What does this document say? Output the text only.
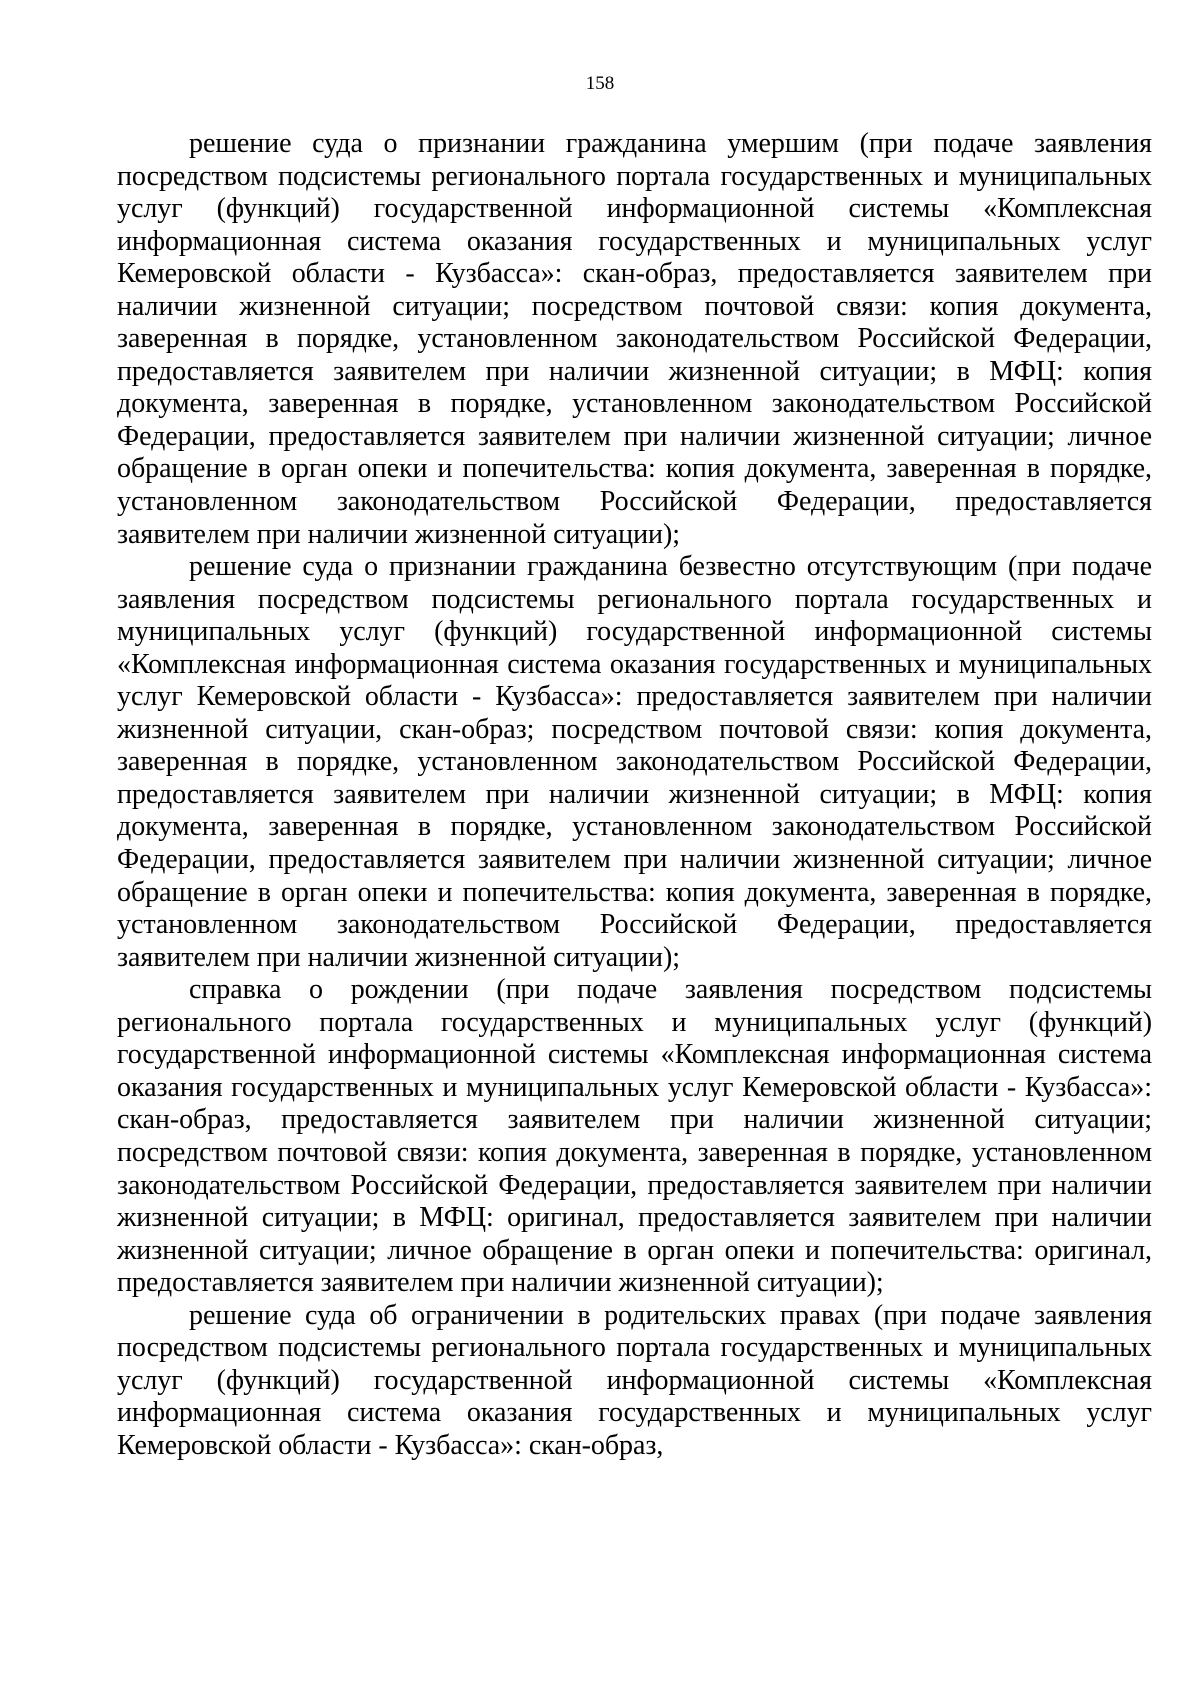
158

решение суда о признании гражданина умершим (при подаче заявления посредством подсистемы регионального портала государственных и муниципальных услуг (функций) государственной информационной системы «Комплексная информационная система оказания государственных и муниципальных услуг Кемеровской области - Кузбасса»: скан-образ, предоставляется заявителем при наличии жизненной ситуации; посредством почтовой связи: копия документа, заверенная в порядке, установленном законодательством Российской Федерации, предоставляется заявителем при наличии жизненной ситуации; в МФЦ: копия документа, заверенная в порядке, установленном законодательством Российской Федерации, предоставляется заявителем при наличии жизненной ситуации; личное обращение в орган опеки и попечительства: копия документа, заверенная в порядке, установленном законодательством Российской Федерации, предоставляется заявителем при наличии жизненной ситуации);

решение суда о признании гражданина безвестно отсутствующим (при подаче заявления посредством подсистемы регионального портала государственных и муниципальных услуг (функций) государственной информационной системы «Комплексная информационная система оказания государственных и муниципальных услуг Кемеровской области - Кузбасса»: предоставляется заявителем при наличии жизненной ситуации, скан-образ; посредством почтовой связи: копия документа, заверенная в порядке, установленном законодательством Российской Федерации, предоставляется заявителем при наличии жизненной ситуации; в МФЦ: копия документа, заверенная в порядке, установленном законодательством Российской Федерации, предоставляется заявителем при наличии жизненной ситуации; личное обращение в орган опеки и попечительства: копия документа, заверенная в порядке, установленном законодательством Российской Федерации, предоставляется заявителем при наличии жизненной ситуации);

справка о рождении (при подаче заявления посредством подсистемы регионального портала государственных и муниципальных услуг (функций) государственной информационной системы «Комплексная информационная система оказания государственных и муниципальных услуг Кемеровской области - Кузбасса»: скан-образ, предоставляется заявителем при наличии жизненной ситуации; посредством почтовой связи: копия документа, заверенная в порядке, установленном законодательством Российской Федерации, предоставляется заявителем при наличии жизненной ситуации; в МФЦ: оригинал, предоставляется заявителем при наличии жизненной ситуации; личное обращение в орган опеки и попечительства: оригинал, предоставляется заявителем при наличии жизненной ситуации);

решение суда об ограничении в родительских правах (при подаче заявления посредством подсистемы регионального портала государственных и муниципальных услуг (функций) государственной информационной системы «Комплексная информационная система оказания государственных и муниципальных услуг Кемеровской области - Кузбасса»: скан-образ,
